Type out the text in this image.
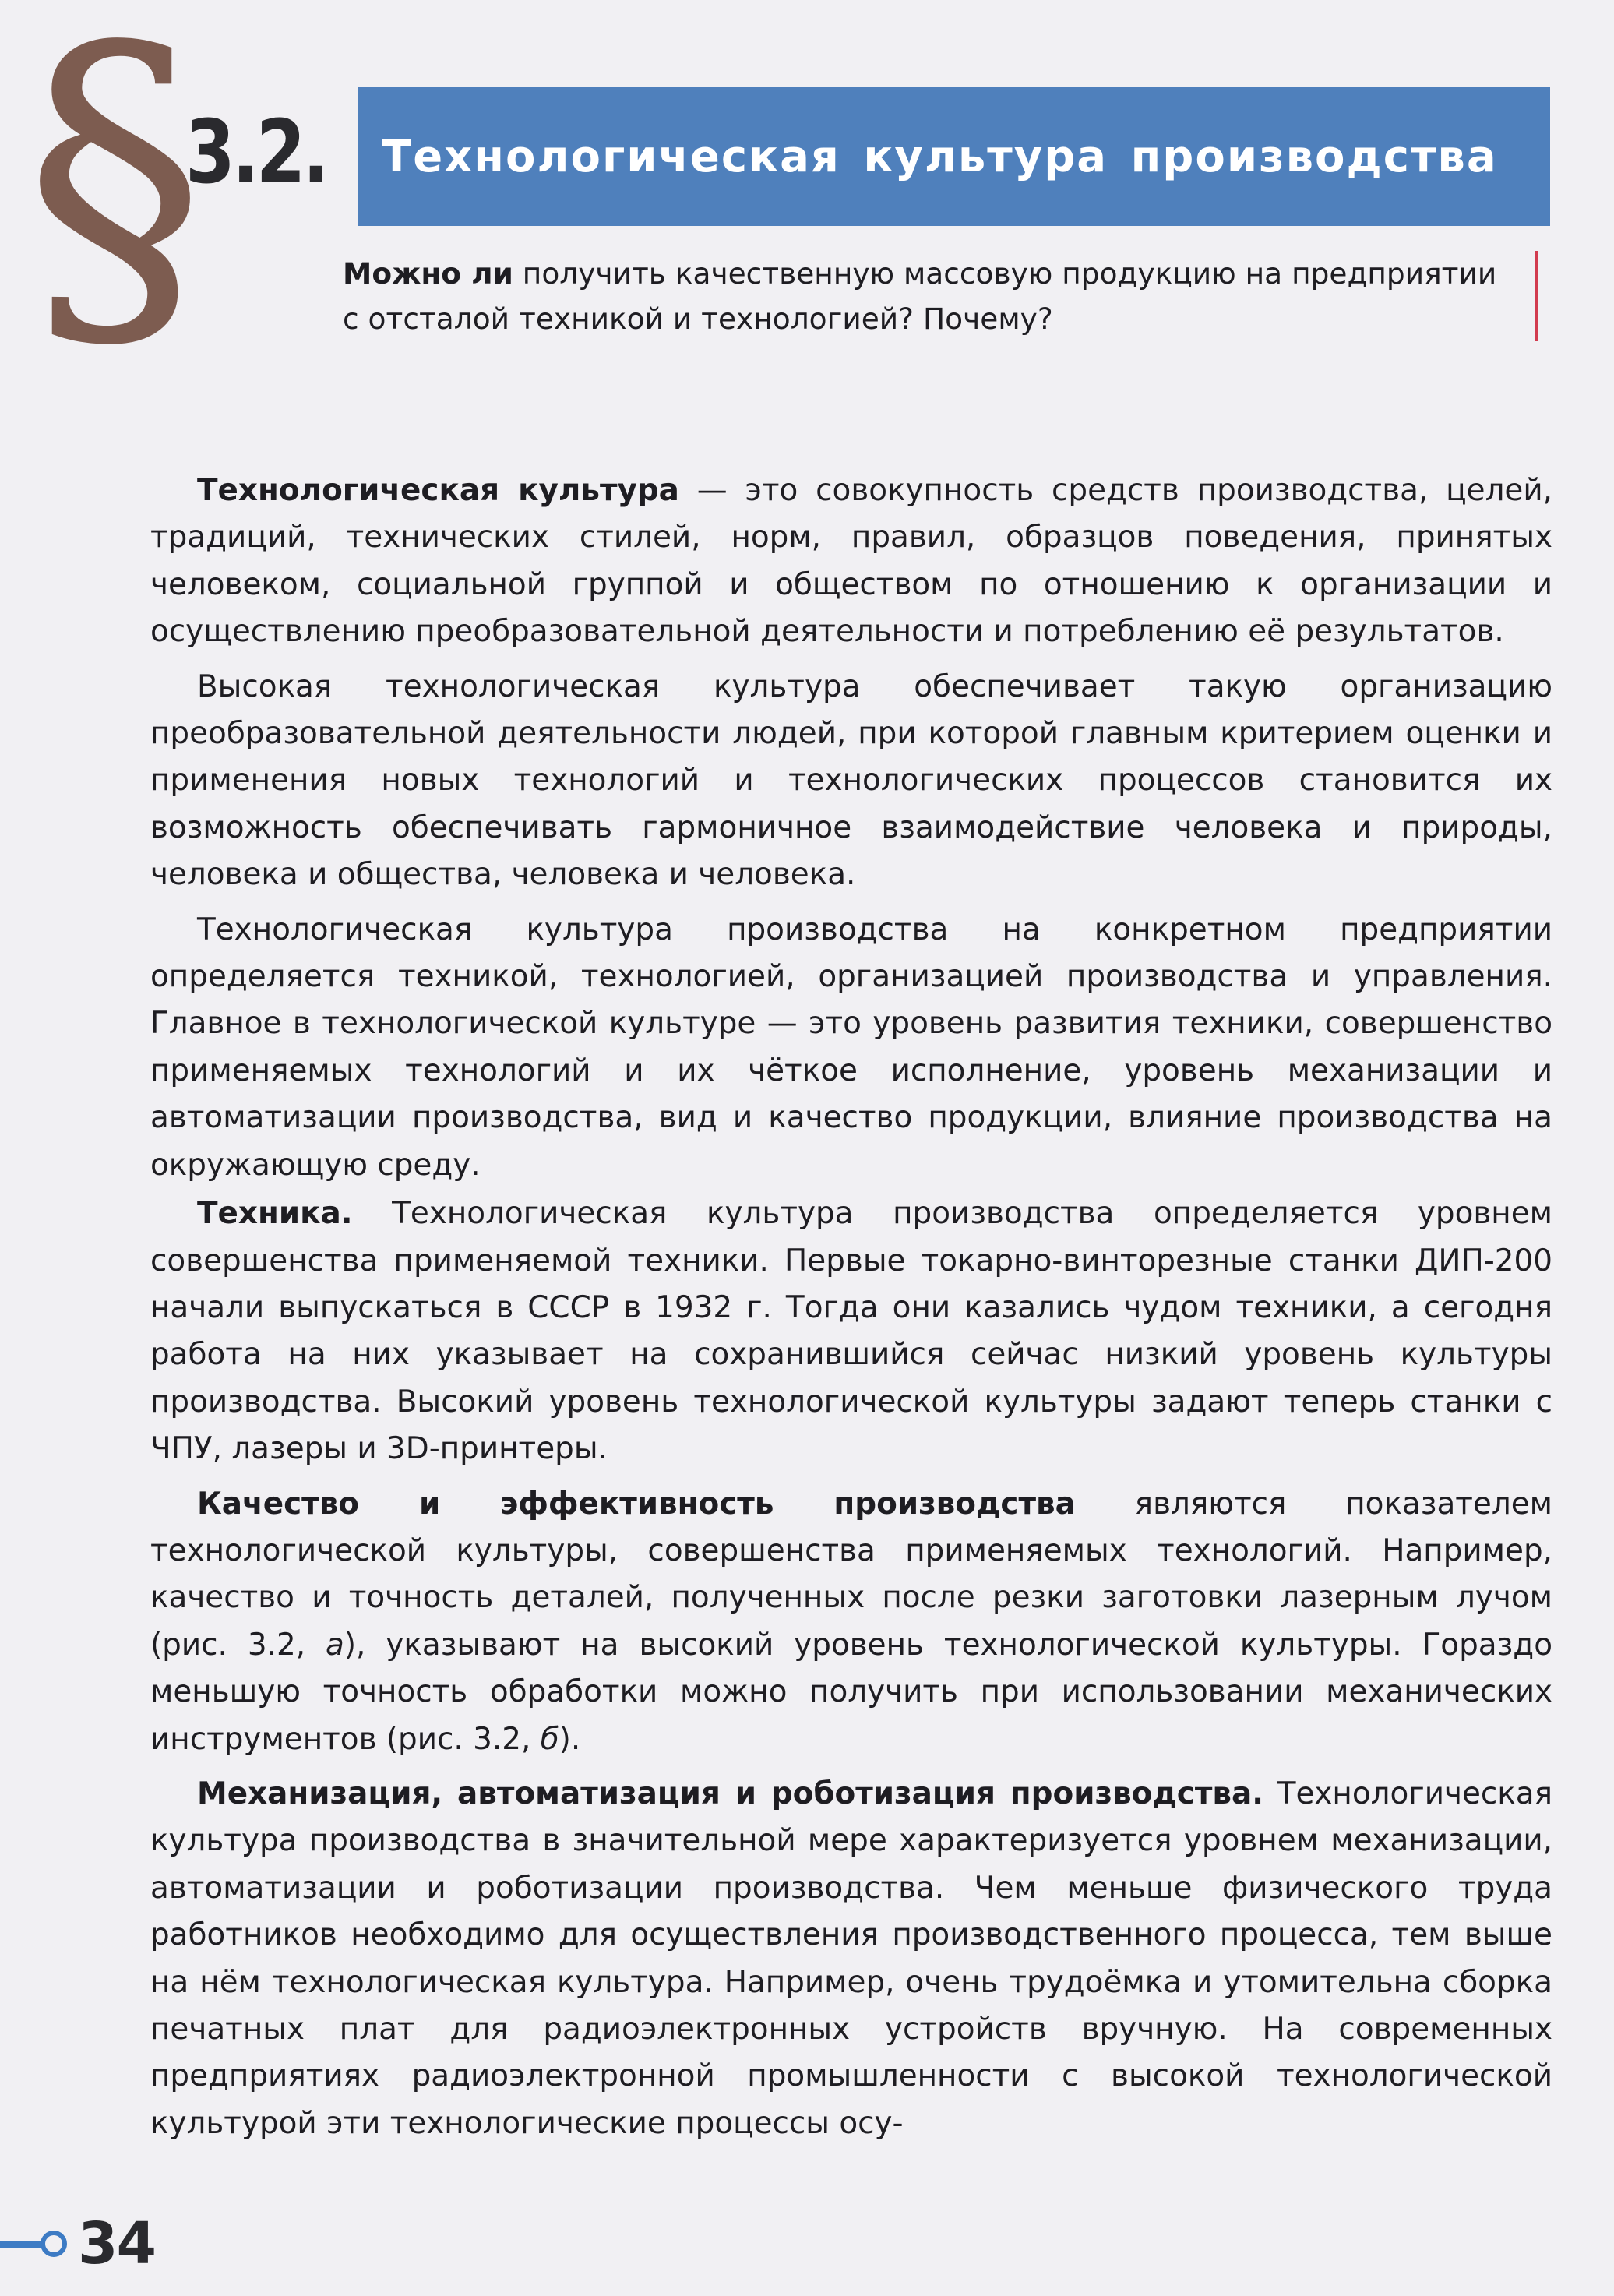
§
3.2. Технологическая культура производства
Можно ли получить качественную массовую продукцию на предприятии с отсталой техникой и технологией? Почему?

Технологическая культура — это совокупность средств производства, целей, традиций, технических стилей, норм, правил, образцов поведения, принятых человеком, социальной группой и обществом по отношению к организации и осуществлению преобразовательной деятельности и потреблению её результатов.

Высокая технологическая культура обеспечивает такую организацию преобразовательной деятельности людей, при которой главным критерием оценки и применения новых технологий и технологических процессов становится их возможность обеспечивать гармоничное взаимодействие человека и природы, человека и общества, человека и человека.

Технологическая культура производства на конкретном предприятии определяется техникой, технологией, организацией производства и управления. Главное в технологической культуре — это уровень развития техники, совершенство применяемых технологий и их чёткое исполнение, уровень механизации и автоматизации производства, вид и качество продукции, влияние производства на окружающую среду.

Техника. Технологическая культура производства определяется уровнем совершенства применяемой техники. Первые токарно-винторезные станки ДИП-200 начали выпускаться в СССР в 1932 г. Тогда они казались чудом техники, а сегодня работа на них указывает на сохранившийся сейчас низкий уровень культуры производства. Высокий уровень технологической культуры задают теперь станки с ЧПУ, лазеры и 3D-принтеры.

Качество и эффективность производства являются показателем технологической культуры, совершенства применяемых технологий. Например, качество и точность деталей, полученных после резки заготовки лазерным лучом (рис. 3.2, а), указывают на высокий уровень технологической культуры. Гораздо меньшую точность обработки можно получить при использовании механических инструментов (рис. 3.2, б).

Механизация, автоматизация и роботизация производства. Технологическая культура производства в значительной мере характеризуется уровнем механизации, автоматизации и роботизации производства. Чем меньше физического труда работников необходимо для осуществления производственного процесса, тем выше на нём технологическая культура. Например, очень трудоёмка и утомительна сборка печатных плат для радиоэлектронных устройств вручную. На современных предприятиях радиоэлектронной промышленности с высокой технологической культурой эти технологические процессы осу-

34
